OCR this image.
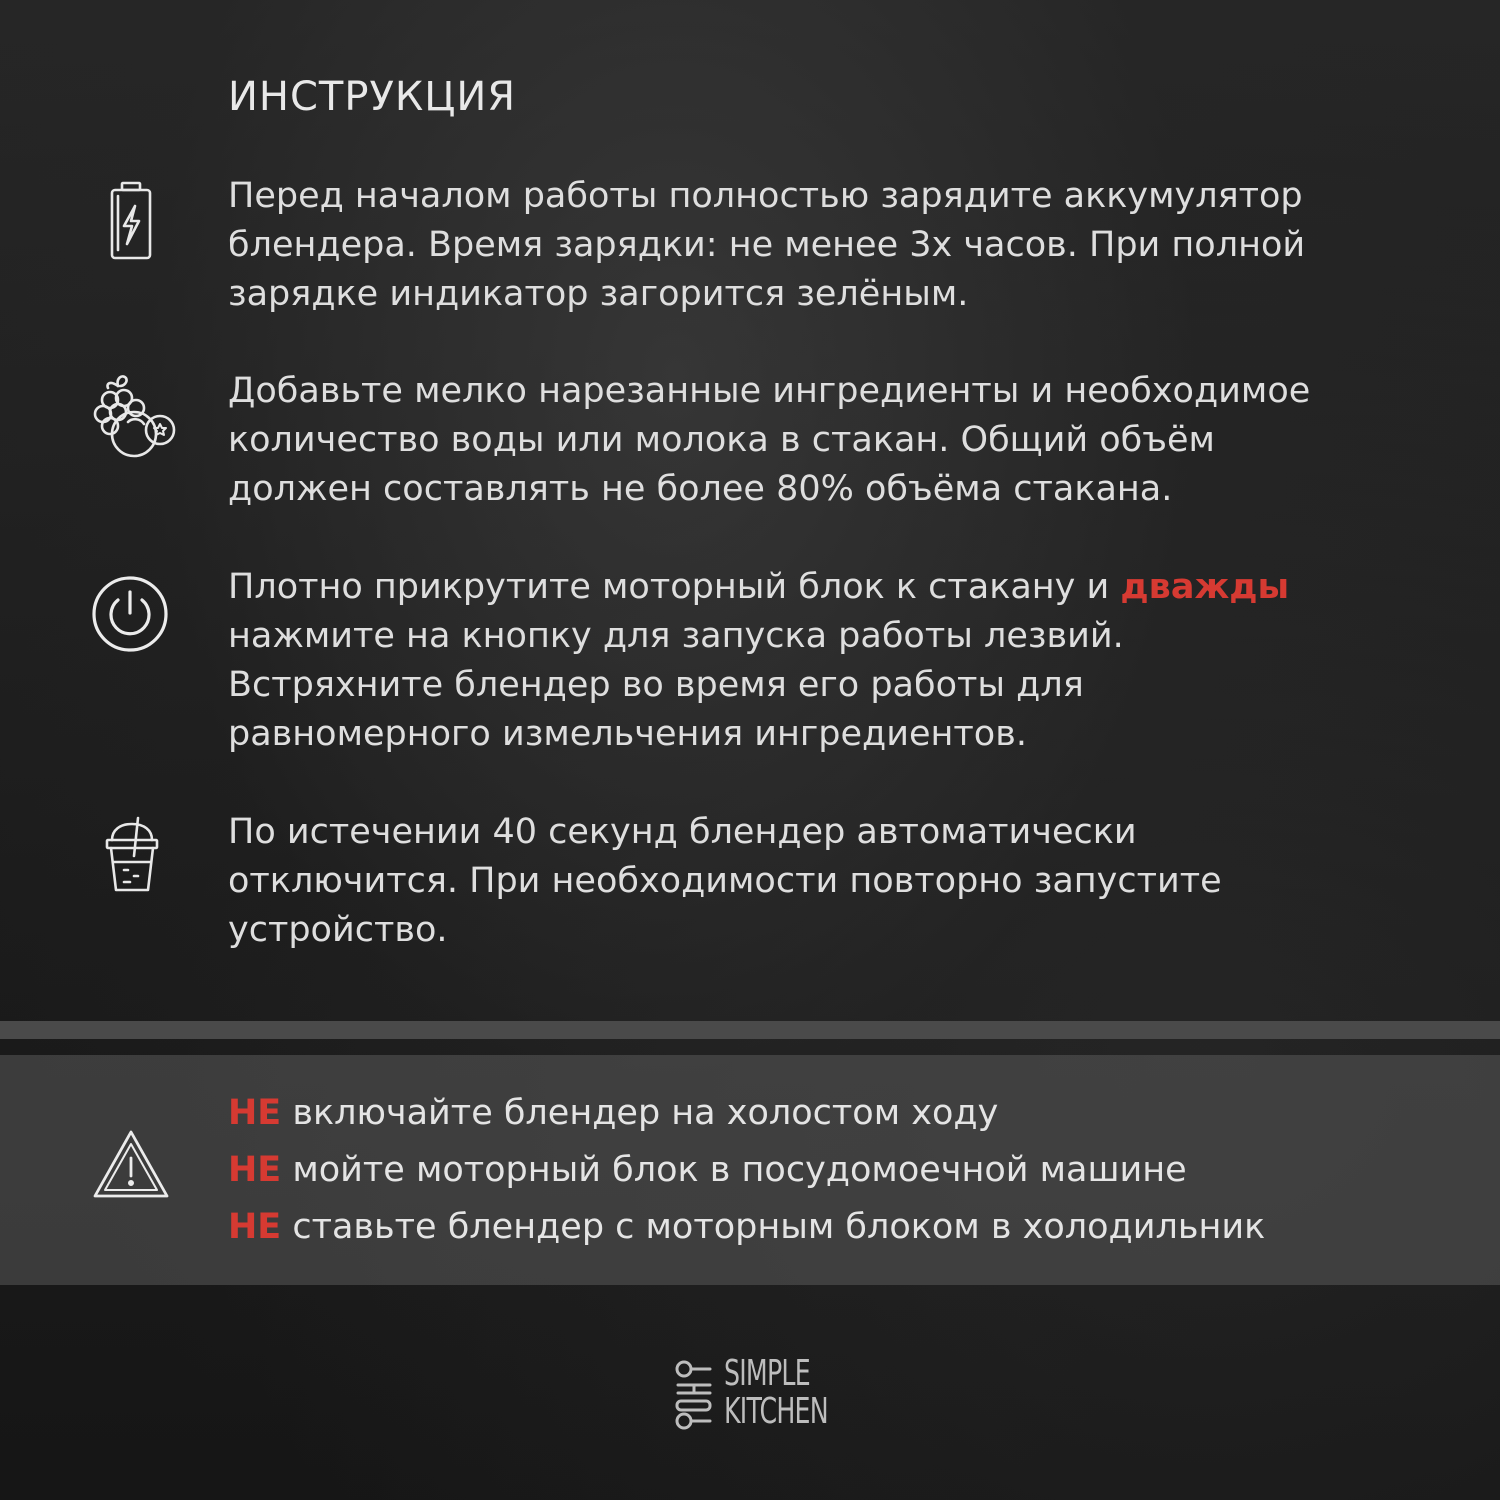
ИНСТРУКЦИЯ

Перед началом работы полностью зарядите аккумулятор

блендера. Время зарядки: не менее 3х часов. При полной

зарядке индикатор загорится зелёным.

Добавьте мелко нарезанные ингредиенты и необходимое

количество воды или молока в стакан. Общий объём

должен составлять не более 80% объёма стакана.

Плотно прикрутите моторный блок к стакану и дважды

нажмите на кнопку для запуска работы лезвий.

Встряхните блендер во время его работы для

равномерного измельчения ингредиентов.

По истечении 40 секунд блендер автоматически

отключится. При необходимости повторно запустите

устройство.

НЕ включайте блендер на холостом ходу
НЕ мойте моторный блок в посудомоечной машине
НЕ ставьте блендер с моторным блоком в холодильник
SIMPLE
KITCHEN
